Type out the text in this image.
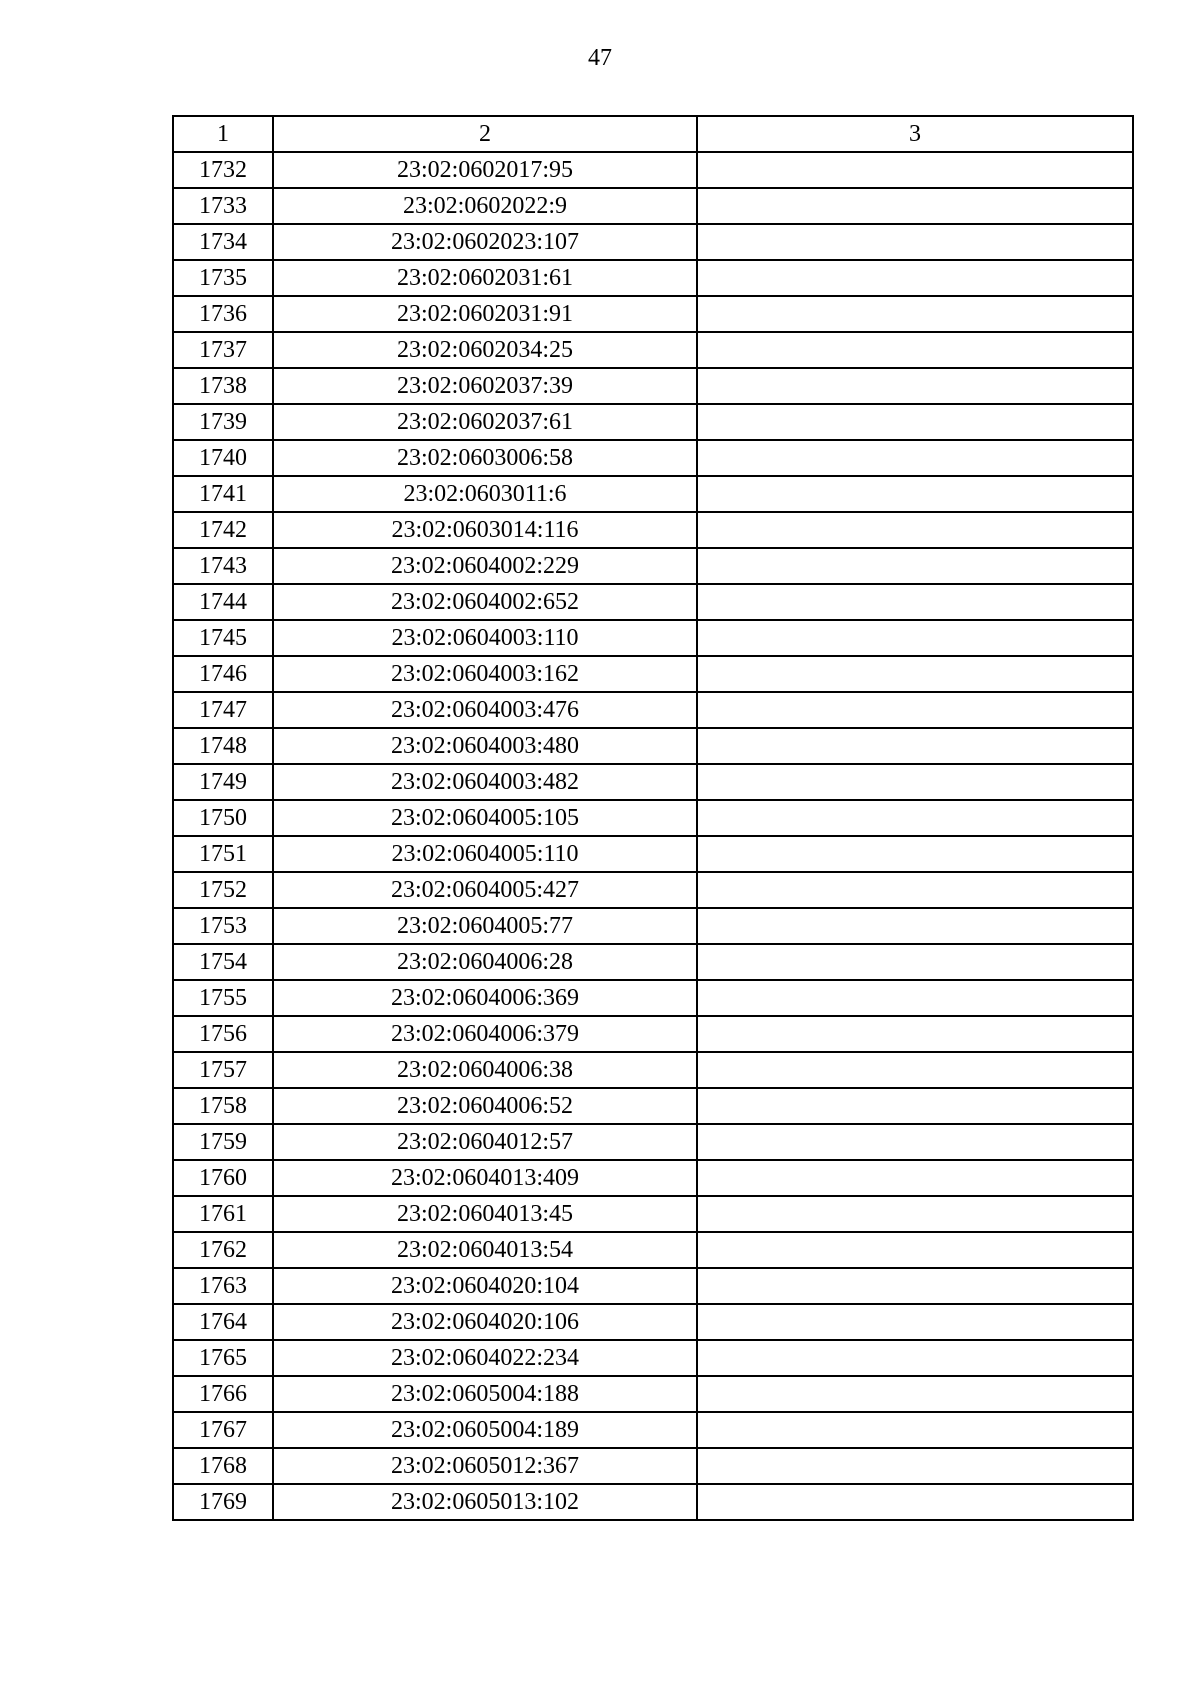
47
1	2	3
1732	23:02:0602017:95	
1733	23:02:0602022:9	
1734	23:02:0602023:107	
1735	23:02:0602031:61	
1736	23:02:0602031:91	
1737	23:02:0602034:25	
1738	23:02:0602037:39	
1739	23:02:0602037:61	
1740	23:02:0603006:58	
1741	23:02:0603011:6	
1742	23:02:0603014:116	
1743	23:02:0604002:229	
1744	23:02:0604002:652	
1745	23:02:0604003:110	
1746	23:02:0604003:162	
1747	23:02:0604003:476	
1748	23:02:0604003:480	
1749	23:02:0604003:482	
1750	23:02:0604005:105	
1751	23:02:0604005:110	
1752	23:02:0604005:427	
1753	23:02:0604005:77	
1754	23:02:0604006:28	
1755	23:02:0604006:369	
1756	23:02:0604006:379	
1757	23:02:0604006:38	
1758	23:02:0604006:52	
1759	23:02:0604012:57	
1760	23:02:0604013:409	
1761	23:02:0604013:45	
1762	23:02:0604013:54	
1763	23:02:0604020:104	
1764	23:02:0604020:106	
1765	23:02:0604022:234	
1766	23:02:0605004:188	
1767	23:02:0605004:189	
1768	23:02:0605012:367	
1769	23:02:0605013:102	
